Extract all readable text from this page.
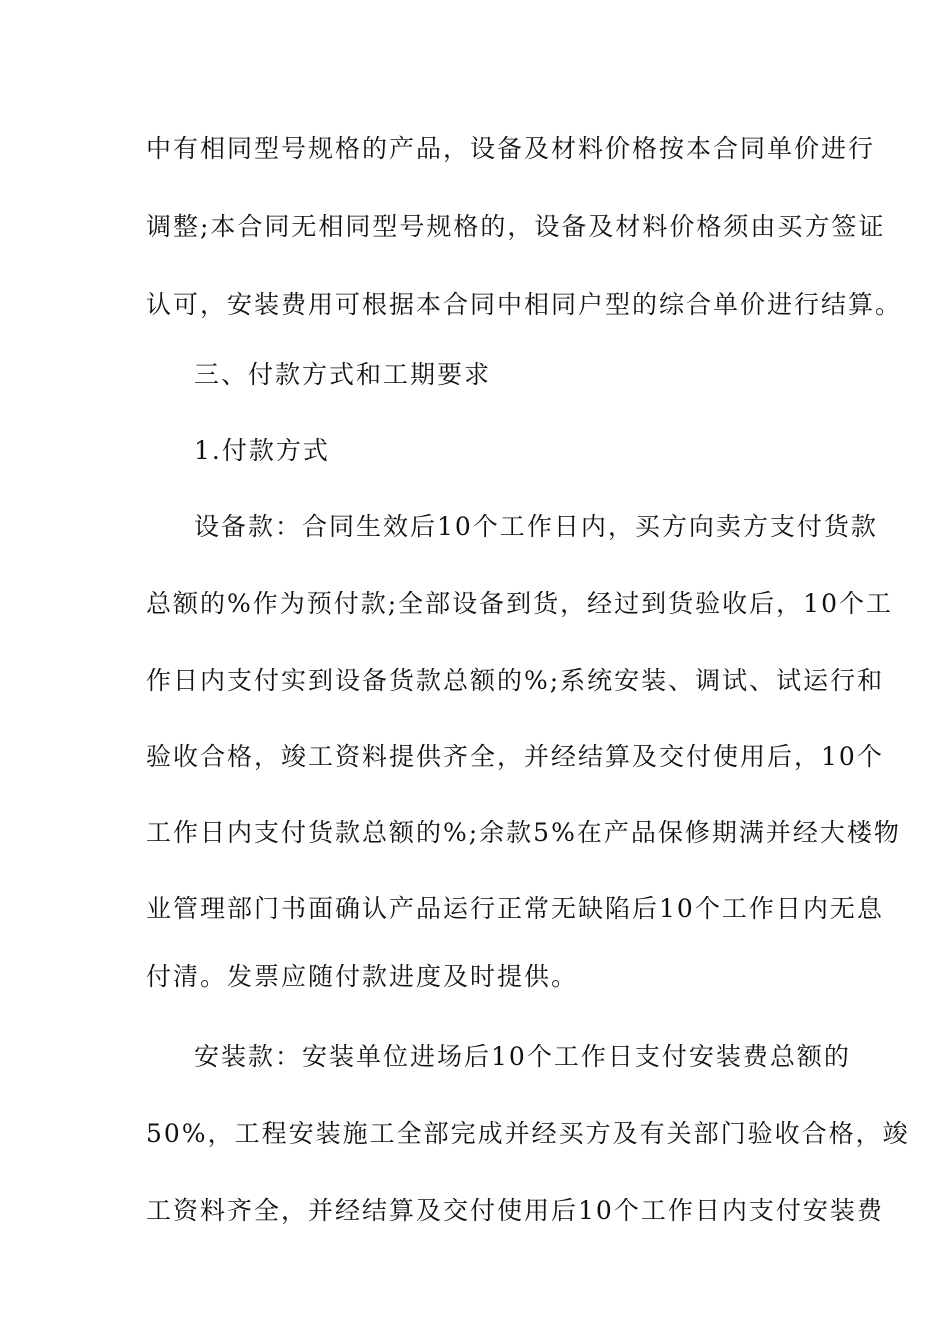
中有相同型号规格的产品，设备及材料价格按本合同单价进行
调整;本合同无相同型号规格的，设备及材料价格须由买方签证
认可，安装费用可根据本合同中相同户型的综合单价进行结算。
三、付款方式和工期要求
1.付款方式
设备款：合同生效后10个工作日内，买方向卖方支付货款
总额的%作为预付款;全部设备到货，经过到货验收后，10个工
作日内支付实到设备货款总额的%;系统安装、调试、试运行和
验收合格，竣工资料提供齐全，并经结算及交付使用后，10个
工作日内支付货款总额的%;余款5%在产品保修期满并经大楼物
业管理部门书面确认产品运行正常无缺陷后10个工作日内无息
付清。发票应随付款进度及时提供。
安装款：安装单位进场后10个工作日支付安装费总额的
50%，工程安装施工全部完成并经买方及有关部门验收合格，竣
工资料齐全，并经结算及交付使用后10个工作日内支付安装费
